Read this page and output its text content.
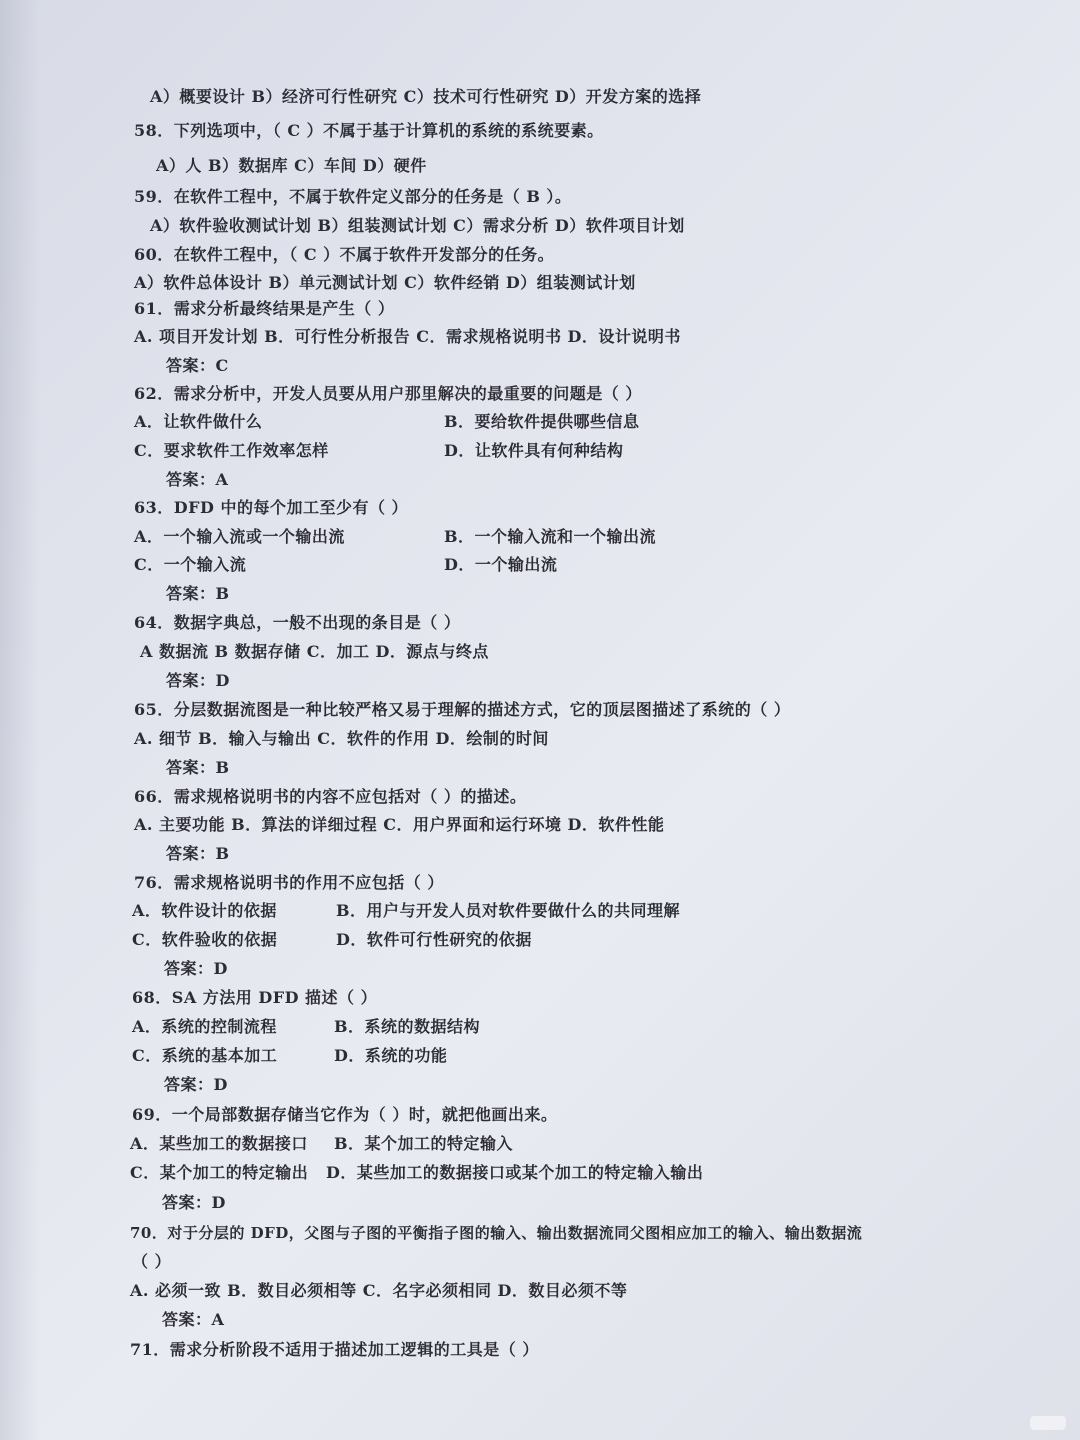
A）概要设计 B）经济可行性研究 C）技术可行性研究 D）开发方案的选择
58．下列选项中，（ C ）不属于基于计算机的系统的系统要素。
A）人 B）数据库 C）车间 D）硬件
59．在软件工程中，不属于软件定义部分的任务是（ B ）。
A）软件验收测试计划 B）组装测试计划 C）需求分析 D）软件项目计划
60．在软件工程中，（ C ）不属于软件开发部分的任务。
A）软件总体设计 B）单元测试计划 C）软件经销 D）组装测试计划
61．需求分析最终结果是产生（ ）
A. 项目开发计划 B．可行性分析报告 C．需求规格说明书 D．设计说明书
答案：C
62．需求分析中，开发人员要从用户那里解决的最重要的问题是（ ）
A．让软件做什么	B．要给软件提供哪些信息
C．要求软件工作效率怎样	D．让软件具有何种结构
答案：A
63．DFD 中的每个加工至少有（ ）
A．一个输入流或一个输出流	B．一个输入流和一个输出流
C．一个输入流	D．一个输出流
答案：B
64．数据字典总，一般不出现的条目是（ ）
A 数据流 B 数据存储 C．加工 D．源点与终点
答案：D
65．分层数据流图是一种比较严格又易于理解的描述方式，它的顶层图描述了系统的（ ）
A. 细节 B．输入与输出 C．软件的作用 D．绘制的时间
答案：B
66．需求规格说明书的内容不应包括对（ ）的描述。
A. 主要功能 B．算法的详细过程 C．用户界面和运行环境 D．软件性能
答案：B
76．需求规格说明书的作用不应包括（ ）
A．软件设计的依据	B．用户与开发人员对软件要做什么的共同理解
C．软件验收的依据	D．软件可行性研究的依据
答案：D
68．SA 方法用 DFD 描述（ ）
A．系统的控制流程	B．系统的数据结构
C．系统的基本加工	D．系统的功能
答案：D
69．一个局部数据存储当它作为（ ）时，就把他画出来。
A．某些加工的数据接口 B．某个加工的特定输入
C．某个加工的特定输出 D．某些加工的数据接口或某个加工的特定输入输出
答案：D
70．对于分层的 DFD，父图与子图的平衡指子图的输入、输出数据流同父图相应加工的输入、输出数据流
（ ）
A. 必须一致 B．数目必须相等 C．名字必须相同 D．数目必须不等
答案：A
71．需求分析阶段不适用于描述加工逻辑的工具是（ ）
